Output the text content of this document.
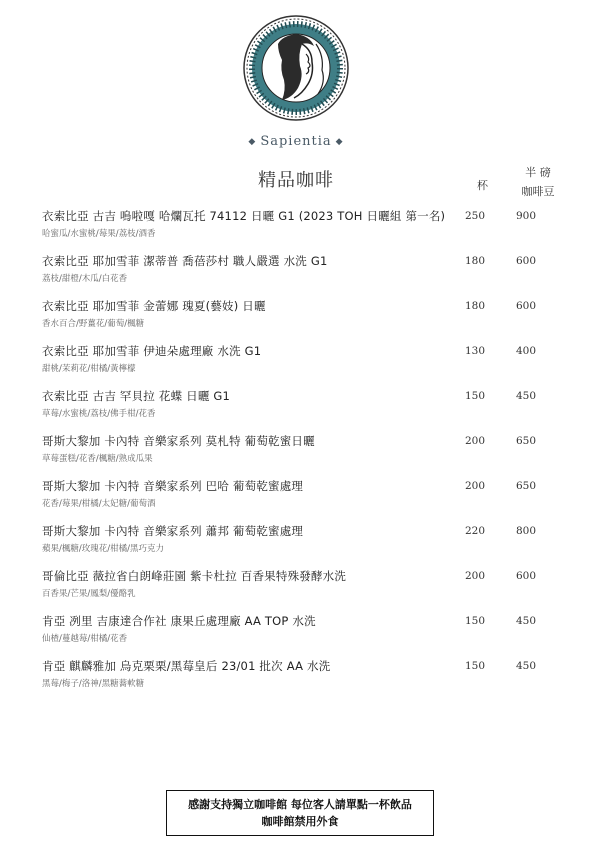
◆ Sapientia ◆
精品咖啡	杯
半 磅
咖啡豆
衣索比亞 古吉 嗚啦嘎 哈爛瓦托 74112 日曬 G1 (2023 TOH 日曬組 第一名)
哈蜜瓜/水蜜桃/莓果/荔枝/酒香
250	900
衣索比亞 耶加雪菲 潔蒂普 喬蓓莎村 職人嚴選 水洗 G1
荔枝/甜橙/木瓜/白花香
180	600
衣索比亞 耶加雪菲 金蕾娜 瑰夏(藝妓) 日曬
香水百合/野薑花/葡萄/楓糖
180	600
衣索比亞 耶加雪菲 伊迪朵處理廠 水洗 G1
甜桃/茉莉花/柑橘/黃檸檬
130	400
衣索比亞 古吉 罕貝拉 花蝶 日曬 G1
草莓/水蜜桃/荔枝/佛手柑/花香
150	450
哥斯大黎加 卡內特 音樂家系列 莫札特 葡萄乾蜜日曬
草莓蛋糕/花香/楓糖/熟成瓜果
200	650
哥斯大黎加 卡內特 音樂家系列 巴哈 葡萄乾蜜處理
花香/莓果/柑橘/太妃糖/葡萄酒
200	650
哥斯大黎加 卡內特 音樂家系列 蕭邦 葡萄乾蜜處理
蘋果/楓糖/玫瑰花/柑橘/黑巧克力
220	800
哥倫比亞 薇拉省白朗峰莊園 紫卡杜拉 百香果特殊發酵水洗
百香果/芒果/鳳梨/優酪乳
200	600
肯亞 冽里 吉康達合作社 康果丘處理廠 AA TOP 水洗
仙楂/蔓越莓/柑橘/花香
150	450
肯亞 麒麟雅加 烏克栗栗/黑莓皇后 23/01 批次 AA 水洗
黑莓/梅子/洛神/黑糖蕎軟糖
150	450
感謝支持獨立咖啡館 每位客人請單點一杯飲品
咖啡館禁用外食
